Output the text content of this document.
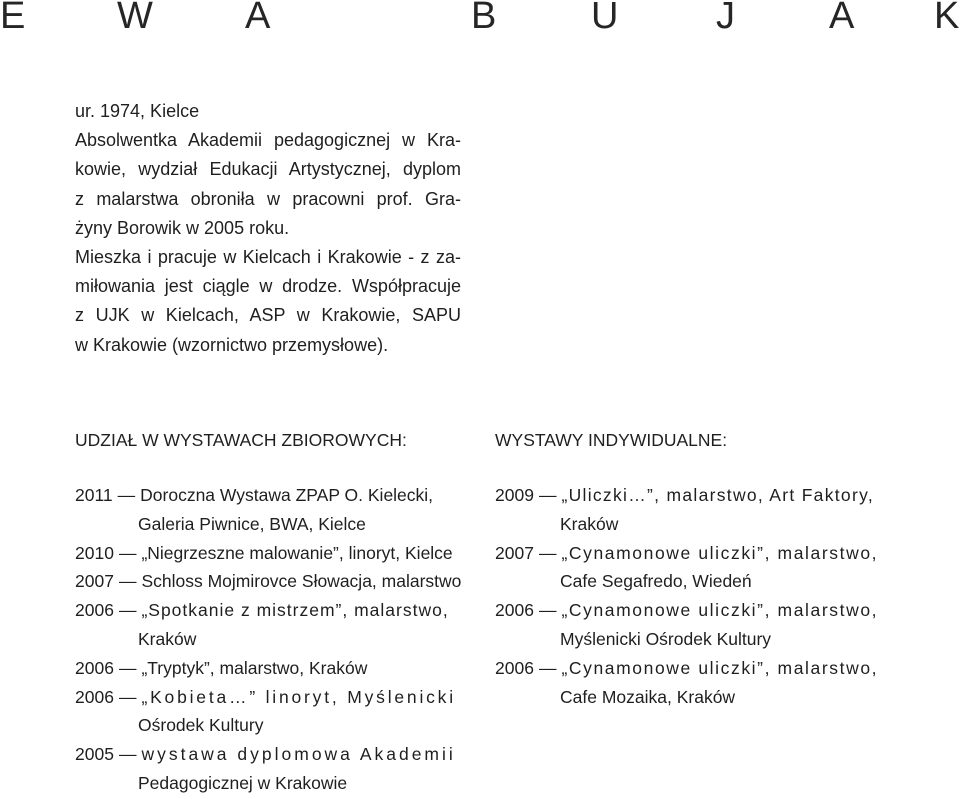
E W A	B U	J A K
ur. 1974, Kielce
Absolwentka Akademii pedagogicznej w Kra-
kowie, wydział Edukacji Artystycznej, dyplom
z malarstwa obroniła w pracowni prof. Gra-
żyny Borowik w 2005 roku.
Mieszka i pracuje w Kielcach i Krakowie - z za-
miłowania jest ciągle w drodze. Współpracuje
z UJK w Kielcach, ASP w Krakowie, SAPU
w Krakowie (wzornictwo przemysłowe).
UDZIAŁ W WYSTAWACH ZBIOROWYCH:	WYSTAWY INDYWIDUALNE:
2011 — Doroczna Wystawa ZPAP O. Kielecki,
Galeria Piwnice, BWA, Kielce
2010 — „Niegrzeszne malowanie”, linoryt, Kielce
2007 — Schloss Mojmirovce Słowacja, malarstwo
2006 — „Spotkanie z mistrzem”, malarstwo,
Kraków
2006 — „Tryptyk”, malarstwo, Kraków
2006 — „Kobieta…” linoryt, Myślenicki
Ośrodek Kultury
2005 — wystawa dyplomowa Akademii
Pedagogicznej w Krakowie
2009 — „Uliczki…”, malarstwo, Art Faktory,
Kraków
2007 — „Cynamonowe uliczki”, malarstwo,
Cafe Segafredo, Wiedeń
2006 — „Cynamonowe uliczki”, malarstwo,
Myślenicki Ośrodek Kultury
2006 — „Cynamonowe uliczki”, malarstwo,
Cafe Mozaika, Kraków
